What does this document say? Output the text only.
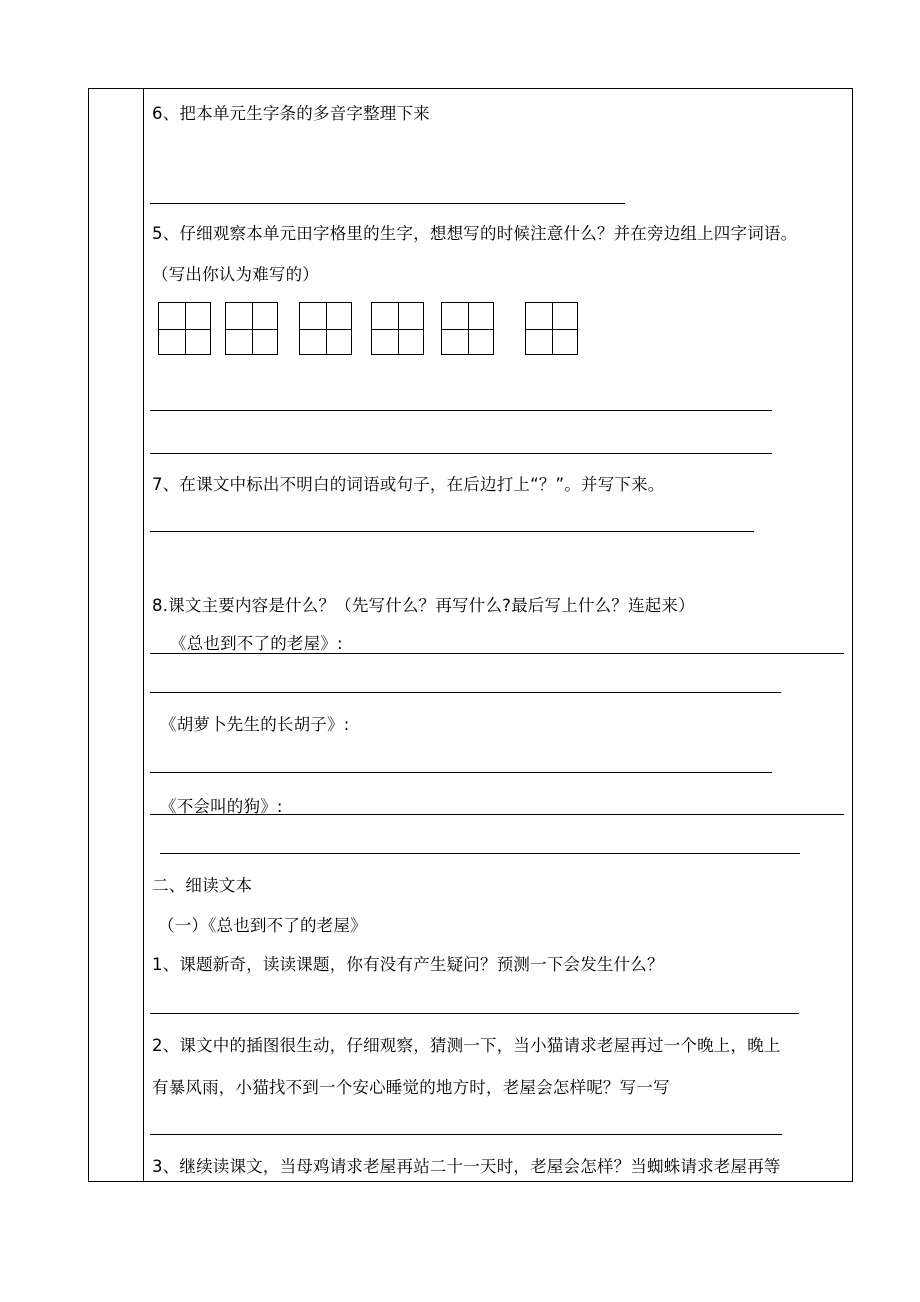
6、把本单元生字条的多音字整理下来
5、仔细观察本单元田字格里的生字，想想写的时候注意什么？并在旁边组上四字词语。
（写出你认为难写的）
7、在课文中标出不明白的词语或句子，在后边打上“？”。并写下来。
8.课文主要内容是什么？（先写什么？再写什么?最后写上什么？连起来）
《总也到不了的老屋》:
《胡萝卜先生的长胡子》:
《不会叫的狗》:
二、细读文本
（一）《总也到不了的老屋》
1、课题新奇，读读课题，你有没有产生疑问？预测一下会发生什么？
2、课文中的插图很生动，仔细观察，猜测一下，当小猫请求老屋再过一个晚上，晚上
有暴风雨，小猫找不到一个安心睡觉的地方时，老屋会怎样呢？写一写
3、继续读课文，当母鸡请求老屋再站二十一天时，老屋会怎样？当蜘蛛请求老屋再等
